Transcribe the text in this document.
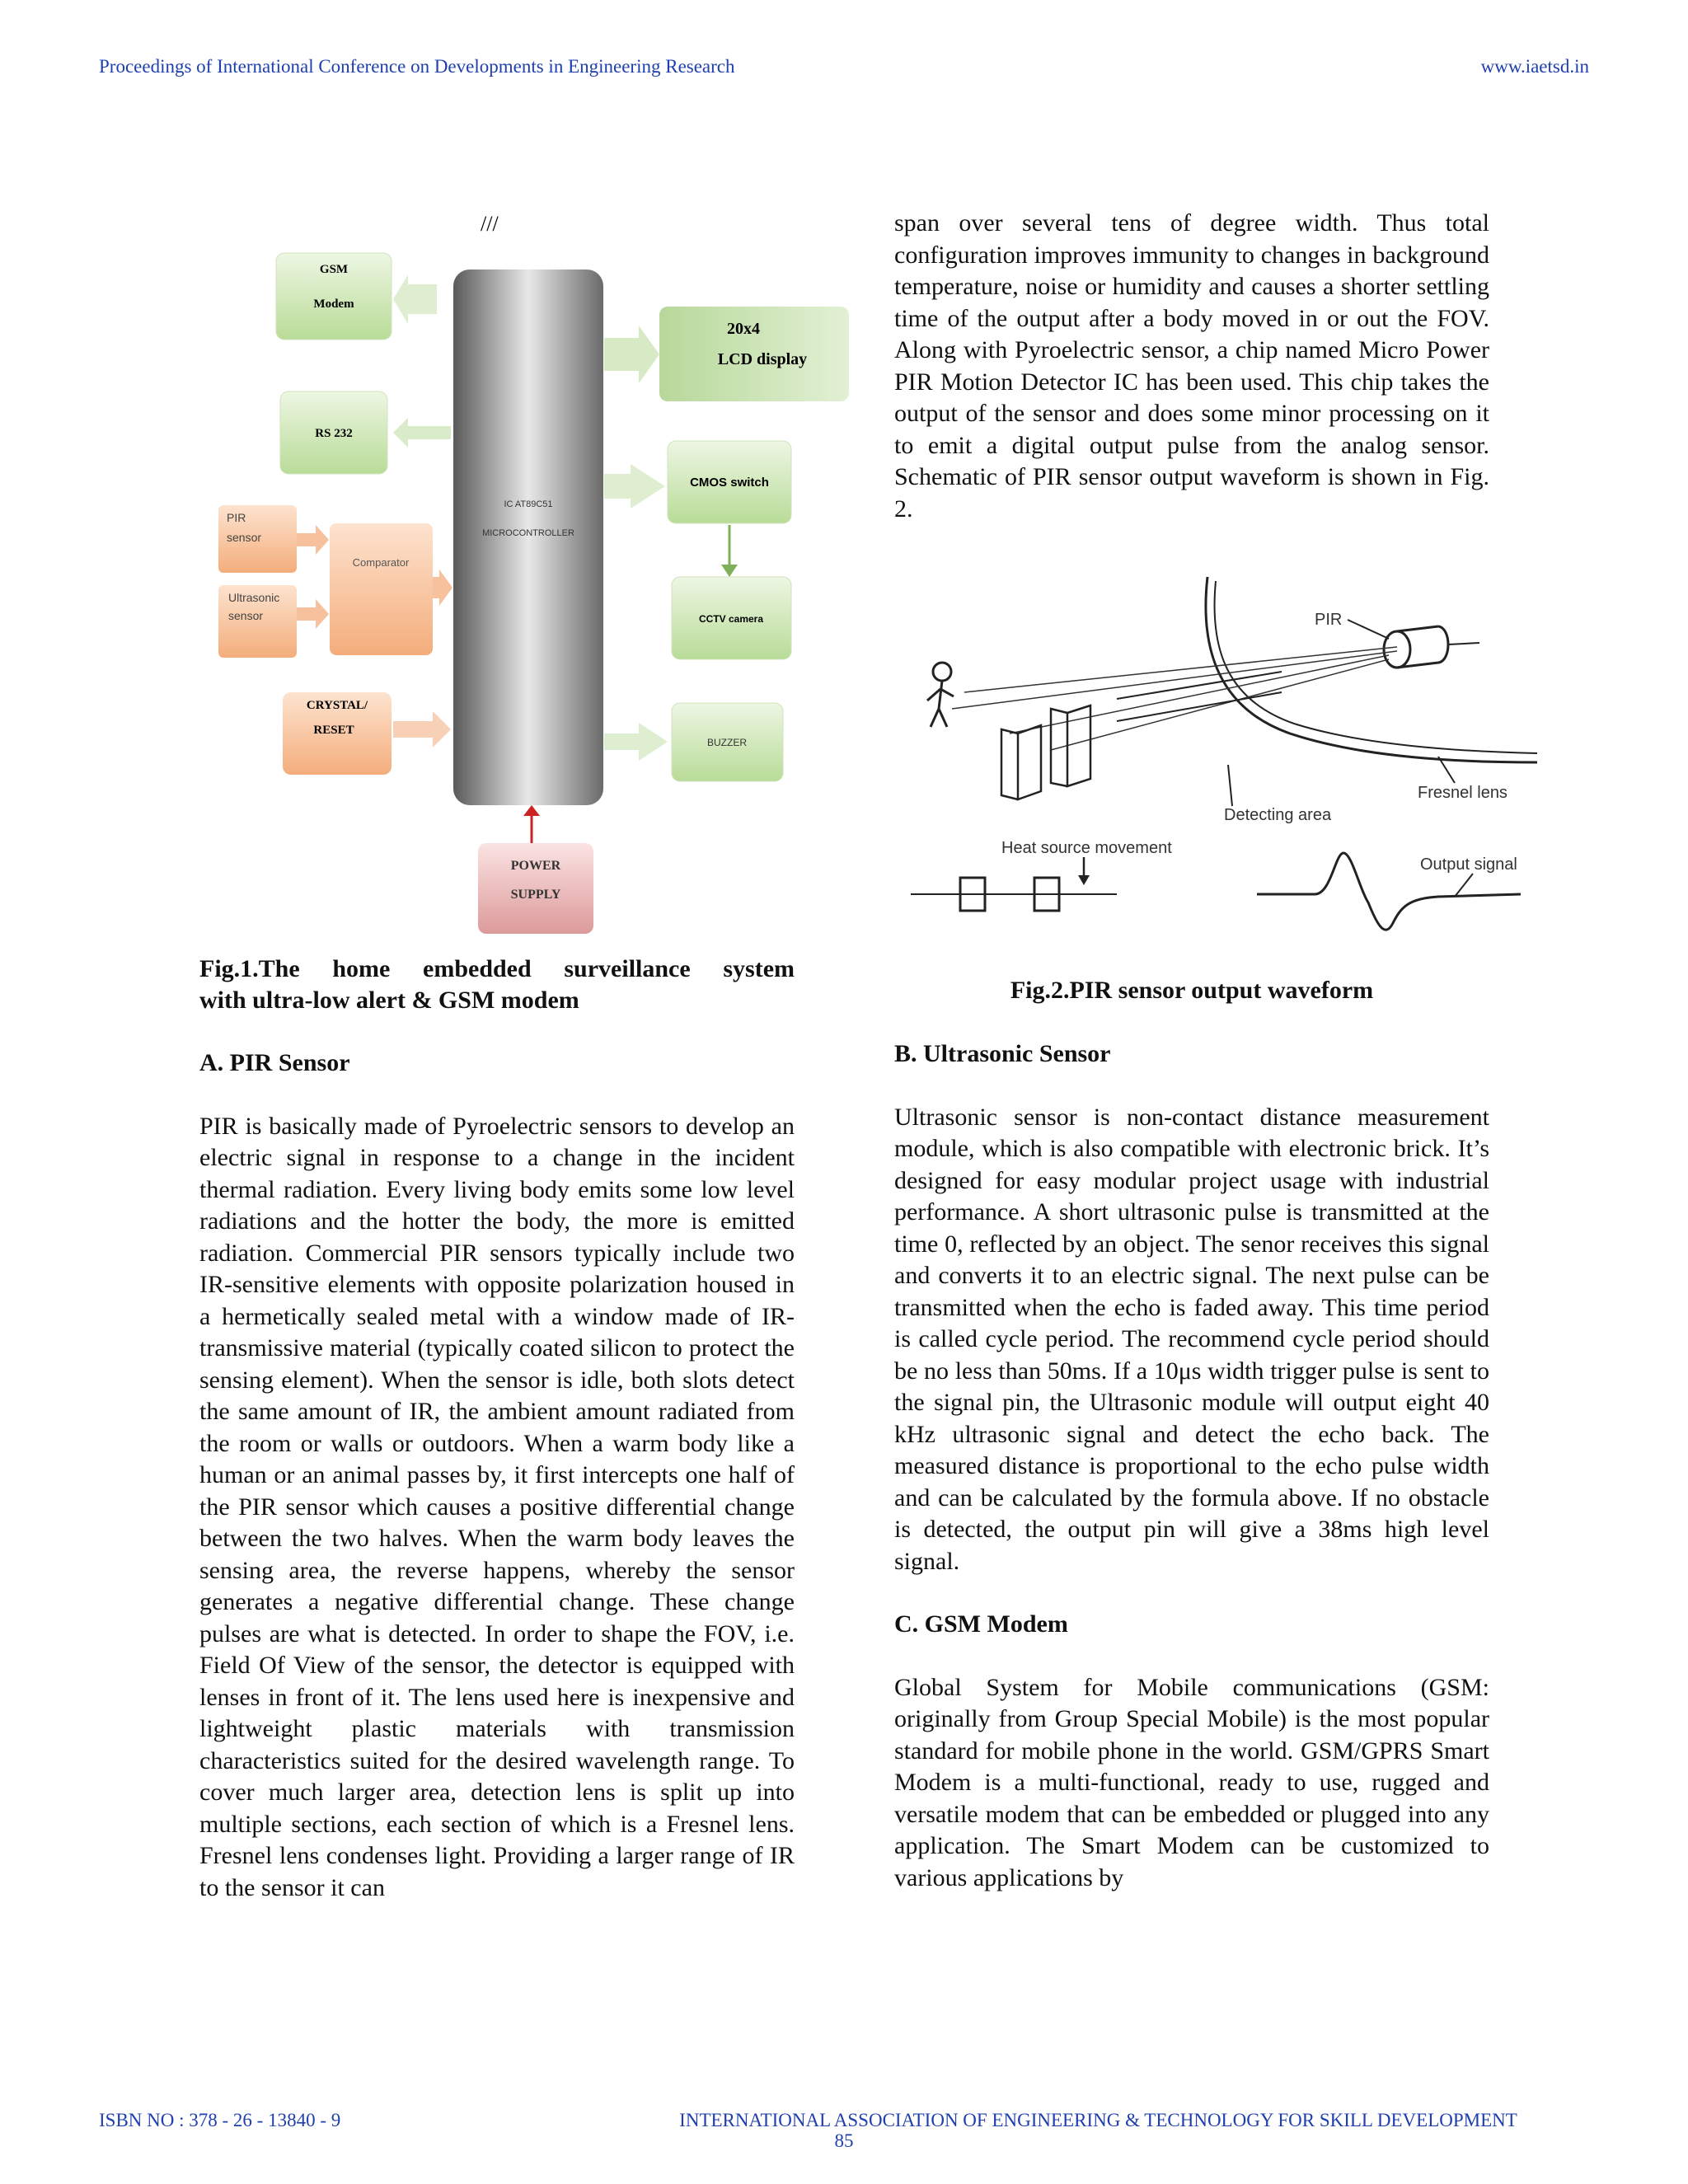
Proceedings of International Conference on Developments in Engineering Research	www.iaetsd.in
///
IC AT89C51
MICROCONTROLLER
GSM
Modem
RS 232
PIR
sensor
Comparator
Ultrasonic
sensor
CRYSTAL/
RESET
20x4
LCD display
CMOS switch
CCTV camera
BUZZER
POWER
SUPPLY

Fig.1.The home embedded surveillance system

with ultra-low alert & GSM modem

A. PIR Sensor

PIR is basically made of Pyroelectric sensors to develop an electric signal in response to a change in the incident thermal radiation. Every living body emits some low level radiations and the hotter the body, the more is emitted radiation. Commercial PIR sensors typically include two IR-sensitive elements with opposite polarization housed in a hermetically sealed metal with a window made of IR-transmissive material (typically coated silicon to protect the sensing element). When the sensor is idle, both slots detect the same amount of IR, the ambient amount radiated from the room or walls or outdoors. When a warm body like a human or an animal passes by, it first intercepts one half of the PIR sensor which causes a positive differential change between the two halves. When the warm body leaves the sensing area, the reverse happens, whereby the sensor generates a negative differential change. These change pulses are what is detected. In order to shape the FOV, i.e. Field Of View of the sensor, the detector is equipped with lenses in front of it. The lens used here is inexpensive and lightweight plastic materials with transmission characteristics suited for the desired wavelength range. To cover much larger area, detection lens is split up into multiple sections, each section of which is a Fresnel lens. Fresnel lens condenses light. Providing a larger range of IR to the sensor it can

span over several tens of degree width. Thus total configuration improves immunity to changes in background temperature, noise or humidity and causes a shorter settling time of the output after a body moved in or out the FOV. Along with Pyroelectric sensor, a chip named Micro Power PIR Motion Detector IC has been used. This chip takes the output of the sensor and does some minor processing on it to emit a digital output pulse from the analog sensor. Schematic of PIR sensor output waveform is shown in Fig. 2.

PIR
Fresnel lens
Detecting area
Heat source movement
Output signal

Fig.2.PIR sensor output waveform

B. Ultrasonic Sensor

Ultrasonic sensor is non-contact distance measurement module, which is also compatible with electronic brick. It’s designed for easy modular project usage with industrial performance. A short ultrasonic pulse is transmitted at the time 0, reflected by an object. The senor receives this signal and converts it to an electric signal. The next pulse can be transmitted when the echo is faded away. This time period is called cycle period. The recommend cycle period should be no less than 50ms. If a 10μs width trigger pulse is sent to the signal pin, the Ultrasonic module will output eight 40 kHz ultrasonic signal and detect the echo back. The measured distance is proportional to the echo pulse width and can be calculated by the formula above. If no obstacle is detected, the output pin will give a 38ms high level signal.

C. GSM Modem

Global System for Mobile communications (GSM: originally from Group Special Mobile) is the most popular standard for mobile phone in the world. GSM/GPRS Smart Modem is a multi-functional, ready to use, rugged and versatile modem that can be embedded or plugged into any application. The Smart Modem can be customized to various applications by

ISBN NO : 378 - 26 - 13840 - 9	INTERNATIONAL ASSOCIATION OF ENGINEERING & TECHNOLOGY FOR SKILL DEVELOPMENT
85
